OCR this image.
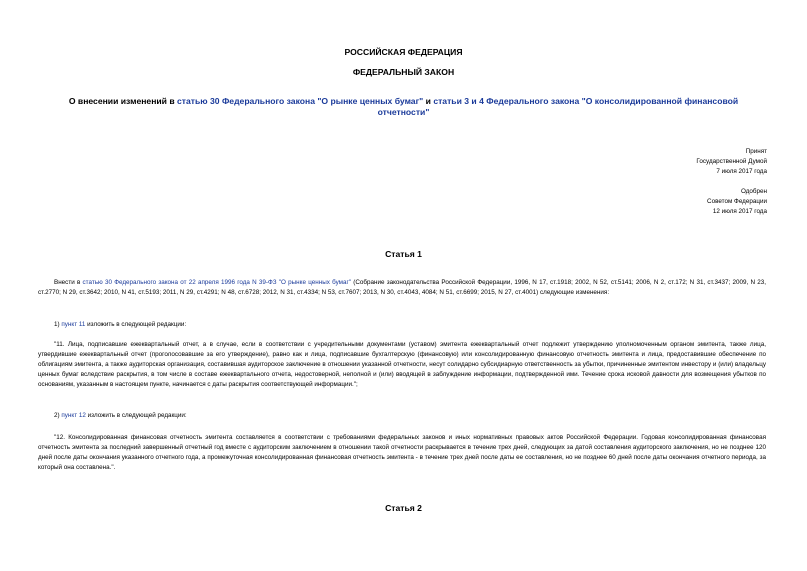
РОССИЙСКАЯ ФЕДЕРАЦИЯ
ФЕДЕРАЛЬНЫЙ ЗАКОН
О внесении изменений в статью 30 Федерального закона "О рынке ценных бумаг" и статьи 3 и 4 Федерального закона "О консолидированной финансовой отчетности"
Принят
Государственной Думой
7 июля 2017 года
Одобрен
Советом Федерации
12 июля 2017 года
Статья 1
Внести в статью 30 Федерального закона от 22 апреля 1996 года N 39-ФЗ "О рынке ценных бумаг" (Собрание законодательства Российской Федерации, 1996, N 17, ст.1918; 2002, N 52, ст.5141; 2006, N 2, ст.172; N 31, ст.3437; 2009, N 23, ст.2770; N 29, ст.3642; 2010, N 41, ст.5193; 2011, N 29, ст.4291; N 48, ст.6728; 2012, N 31, ст.4334; N 53, ст.7607; 2013, N 30, ст.4043, 4084; N 51, ст.6699; 2015, N 27, ст.4001) следующие изменения:
1) пункт 11 изложить в следующей редакции:
"11. Лица, подписавшие ежеквартальный отчет, а в случае, если в соответствии с учредительными документами (уставом) эмитента ежеквартальный отчет подлежит утверждению уполномоченным органом эмитента, также лица, утвердившие ежеквартальный отчет (проголосовавшие за его утверждение), равно как и лица, подписавшие бухгалтерскую (финансовую) или консолидированную финансовую отчетность эмитента и лица, предоставившие обеспечение по облигациям эмитента, а также аудиторская организация, составившая аудиторское заключение в отношении указанной отчетности, несут солидарно субсидиарную ответственность за убытки, причиненные эмитентом инвестору и (или) владельцу ценных бумаг вследствие раскрытия, в том числе в составе ежеквартального отчета, недостоверной, неполной и (или) вводящей в заблуждение информации, подтвержденной ими. Течение срока исковой давности для возмещения убытков по основаниям, указанным в настоящем пункте, начинается с даты раскрытия соответствующей информации.";
2) пункт 12 изложить в следующей редакции:
"12. Консолидированная финансовая отчетность эмитента составляется в соответствии с требованиями федеральных законов и иных нормативных правовых актов Российской Федерации. Годовая консолидированная финансовая отчетность эмитента за последний завершенный отчетный год вместе с аудиторским заключением в отношении такой отчетности раскрывается в течение трех дней, следующих за датой составления аудиторского заключения, но не позднее 120 дней после даты окончания указанного отчетного года, а промежуточная консолидированная финансовая отчетность эмитента - в течение трех дней после даты ее составления, но не позднее 60 дней после даты окончания отчетного периода, за который она составлена.".
Статья 2
